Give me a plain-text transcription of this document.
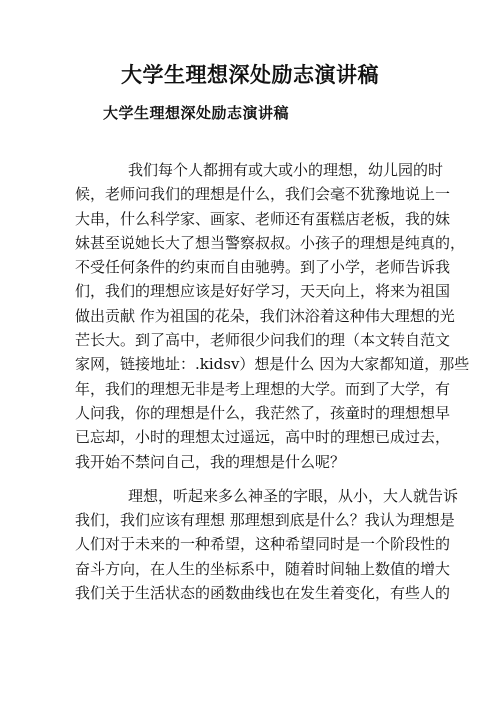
大学生理想深处励志演讲稿
大学生理想深处励志演讲稿

我们每个人都拥有或大或小的理想，幼儿园的时
候，老师问我们的理想是什么，我们会毫不犹豫地说上一
大串，什么科学家、画家、老师还有蛋糕店老板，我的妹
妹甚至说她长大了想当警察叔叔。小孩子的理想是纯真的，
不受任何条件的约束而自由驰骋。到了小学，老师告诉我
们，我们的理想应该是好好学习，天天向上，将来为祖国
做出贡献 作为祖国的花朵，我们沐浴着这种伟大理想的光
芒长大。到了高中，老师很少问我们的理（本文转自范文
家网，链接地址：.kidsv）想是什么 因为大家都知道，那些
年，我们的理想无非是考上理想的大学。而到了大学，有
人问我，你的理想是什么，我茫然了，孩童时的理想想早
已忘却，小时的理想太过遥远，高中时的理想已成过去，
我开始不禁问自己，我的理想是什么呢？

理想，听起来多么神圣的字眼，从小，大人就告诉
我们，我们应该有理想 那理想到底是什么？我认为理想是
人们对于未来的一种希望，这种希望同时是一个阶段性的
奋斗方向，在人生的坐标系中，随着时间轴上数值的增大
我们关于生活状态的函数曲线也在发生着变化，有些人的
